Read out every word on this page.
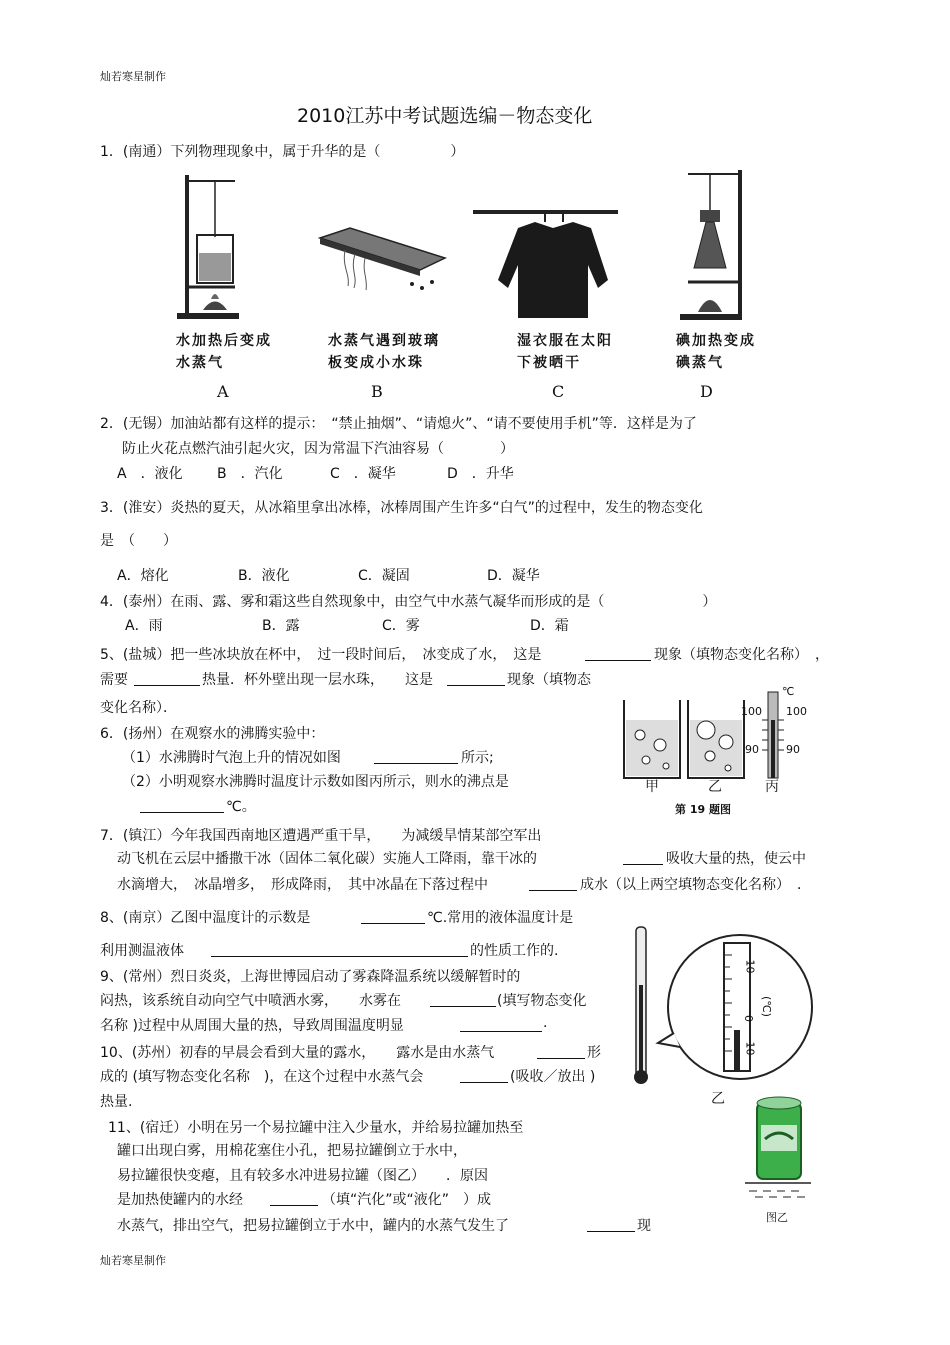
灿若寒星制作
2010江苏中考试题选编－物态变化
1．(南通）下列物理现象中，属于升华的是（　　　　　）
水加热后变成
水蒸气
水蒸气遇到玻璃
板变成小水珠
湿衣服在太阳
下被晒干
碘加热变成
碘蒸气
A	B	C	D
2．(无锡）加油站都有这样的提示：　“禁止抽烟”、“请熄火”、“请不要使用手机”等．这样是为了
防止火花点燃汽油引起火灾，因为常温下汽油容易（　　　　）
A　．液化 B　．汽化	C　．凝华	D　．升华
3．(淮安）炎热的夏天，从冰箱里拿出冰棒，冰棒周围产生许多“白气”的过程中，发生的物态变化
是　（　　）
A．熔化	B．液化	C．凝固	D．凝华
4．(泰州）在雨、露、雾和霜这些自然现象中，由空气中水蒸气凝华而形成的是（　　　　　　　）
A．雨	B．露	C．雾	D．霜
5、(盐城）把一些冰块放在杯中，　过一段时间后，　冰变成了水，　这是	现象（填物态变化名称）　，
需要	热量．杯外壁出现一层水珠，　　这是	现象（填物态
变化名称）．
6．(扬州）在观察水的沸腾实验中：
（1）水沸腾时气泡上升的情况如图	所示;
（2）小明观察水沸腾时温度计示数如图丙所示，则水的沸点是
℃。
℃
100 100
90 90
甲	乙	丙
第 19 题图
7．(镇江）今年我国西南地区遭遇严重干旱，　　为减缓旱情某部空军出
动飞机在云层中播撒干冰（固体二氧化碳）实施人工降雨，靠干冰的	吸收大量的热，使云中
水滴增大，　冰晶增多，　形成降雨，　其中冰晶在下落过程中	成水（以上两空填物态变化名称）　．
8、(南京）乙图中温度计的示数是	℃.常用的液体温度计是
利用测温液体	的性质工作的.
10
0
10
(℃)
乙
9、(常州）烈日炎炎，上海世博园启动了雾森降温系统以缓解暂时的
闷热，该系统自动向空气中喷洒水雾，　　水雾在	(填写物态变化
名称 )过程中从周围大量的热，导致周围温度明显	.
10、(苏州）初春的早晨会看到大量的露水，　　露水是由水蒸气	形
成的 (填写物态变化名称　)，在这个过程中水蒸气会	(吸收／放出 )
热量.
11、(宿迁）小明在另一个易拉罐中注入少量水，并给易拉罐加热至
罐口出现白雾，用棉花塞住小孔，把易拉罐倒立于水中，
易拉罐很快变瘪，且有较多水冲进易拉罐（图乙）　　．原因
是加热使罐内的水经	（填“汽化”或“液化”　）成
水蒸气，排出空气，把易拉罐倒立于水中，罐内的水蒸气发生了	现
图乙
灿若寒星制作
